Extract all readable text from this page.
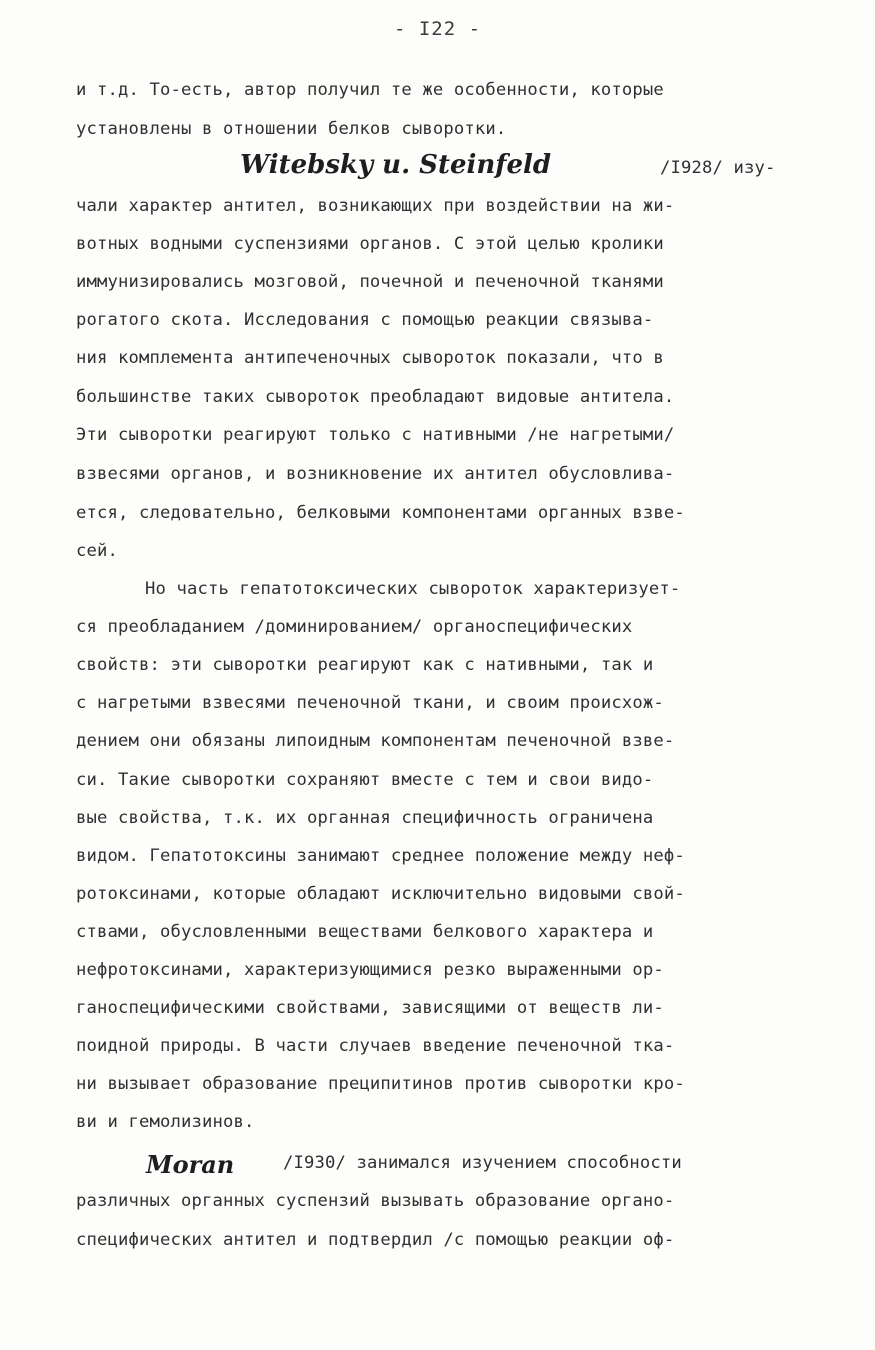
- I22 -
и т.д. То-есть, автор получил те же особенности, которые
установлены в отношении белков сыворотки.
Witebsky u. Steinfeld	/I928/ изу-
чали характер антител, возникающих при воздействии на жи-
вотных водными суспензиями органов. С этой целью кролики
иммунизировались мозговой, почечной и печеночной тканями
рогатого скота. Исследования с помощью реакции связыва-
ния комплемента антипеченочных сывороток показали, что в
большинстве таких сывороток преобладают видовые антитела.
Эти сыворотки реагируют только с нативными /не нагретыми/
взвесями органов, и возникновение их антител обусловлива-
ется, следовательно, белковыми компонентами органных взве-
сей.
Но часть гепатотоксических сывороток характеризует-
ся преобладанием /доминированием/ органоспецифических
свойств: эти сыворотки реагируют как с нативными, так и
с нагретыми взвесями печеночной ткани, и своим происхож-
дением они обязаны липоидным компонентам печеночной взве-
си. Такие сыворотки сохраняют вместе с тем и свои видо-
вые свойства, т.к. их органная специфичность ограничена
видом. Гепатотоксины занимают среднее положение между неф-
ротоксинами, которые обладают исключительно видовыми свой-
ствами, обусловленными веществами белкового характера и
нефротоксинами, характеризующимися резко выраженными ор-
ганоспецифическими свойствами, зависящими от веществ ли-
поидной природы. В части случаев введение печеночной тка-
ни вызывает образование преципитинов против сыворотки кро-
ви и гемолизинов.
Moran	/I930/ занимался изучением способности
различных органных суспензий вызывать образование органо-
специфических антител и подтвердил /с помощью реакции оф-
